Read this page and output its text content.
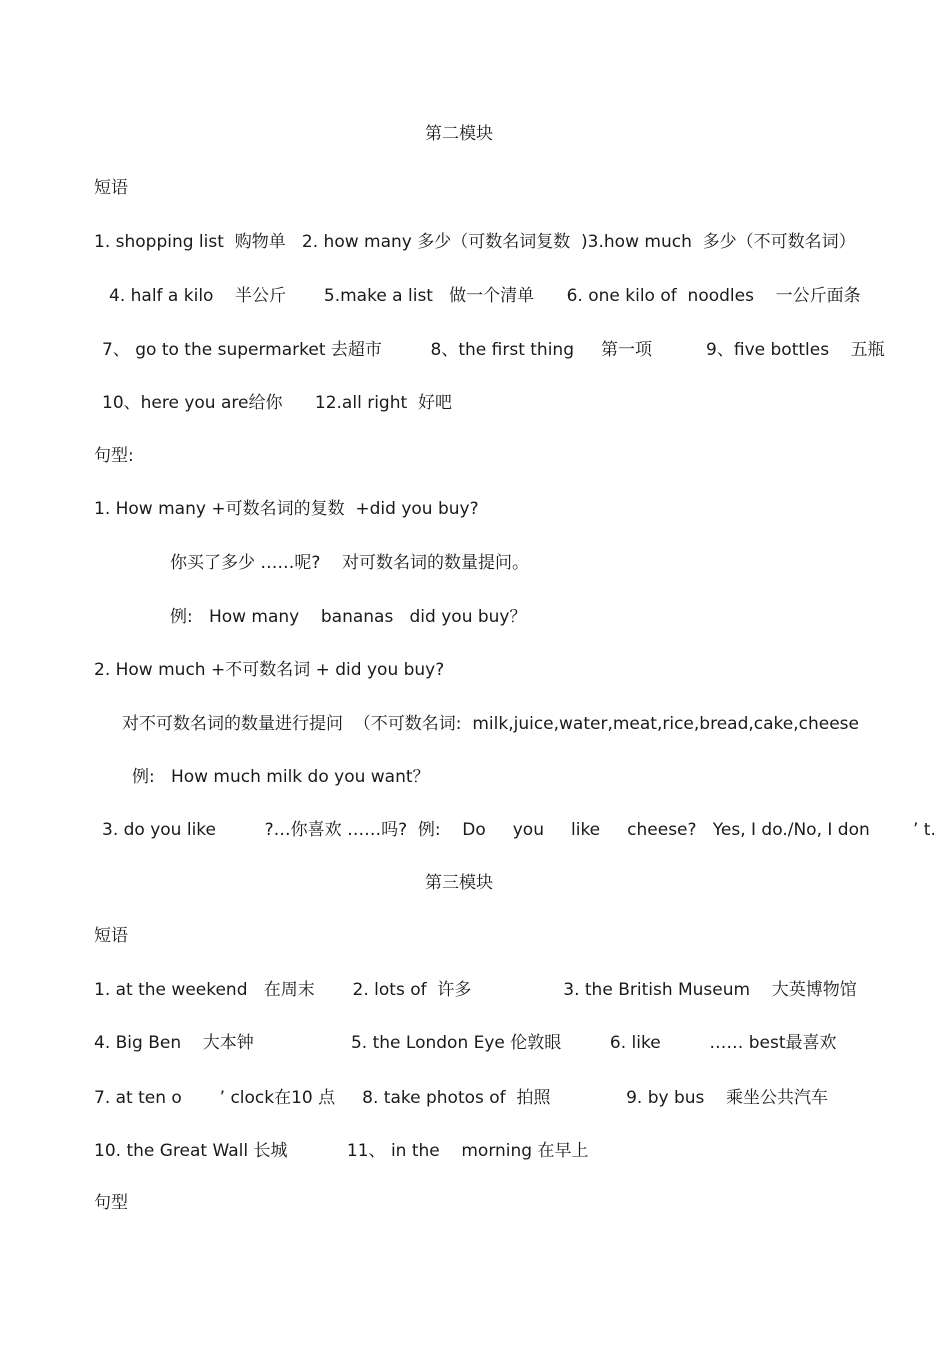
第二模块
短语
1. shopping list  购物单   2. how many 多少（可数名词复数  )3.how much  多少（不可数名词）
4. half a kilo    半公斤       5.make a list   做一个清单      6. one kilo of  noodles    一公斤面条
7、 go to the supermarket 去超市         8、the first thing     第一项          9、five bottles    五瓶
10、here you are给你      12.all right  好吧
句型:
1. How many +可数名词的复数  +did you buy?
你买了多少 ……呢?    对可数名词的数量提问。
例:   How many    bananas   did you buy？
2. How much +不可数名词 + did you buy?
对不可数名词的数量进行提问  （不可数名词:  milk,juice,water,meat,rice,bread,cake,cheese
例:   How much milk do you want？
3. do you like         ?…你喜欢 ……吗?  例:    Do     you     like     cheese?   Yes, I do./No, I don        ’ t.
第三模块
短语
1. at the weekend   在周末       2. lots of  许多                 3. the British Museum    大英博物馆
4. Big Ben    大本钟                  5. the London Eye 伦敦眼         6. like         …… best最喜欢
7. at ten o       ’ clock在10 点     8. take photos of  拍照              9. by bus    乘坐公共汽车
10. the Great Wall 长城           11、 in the    morning 在早上
句型
